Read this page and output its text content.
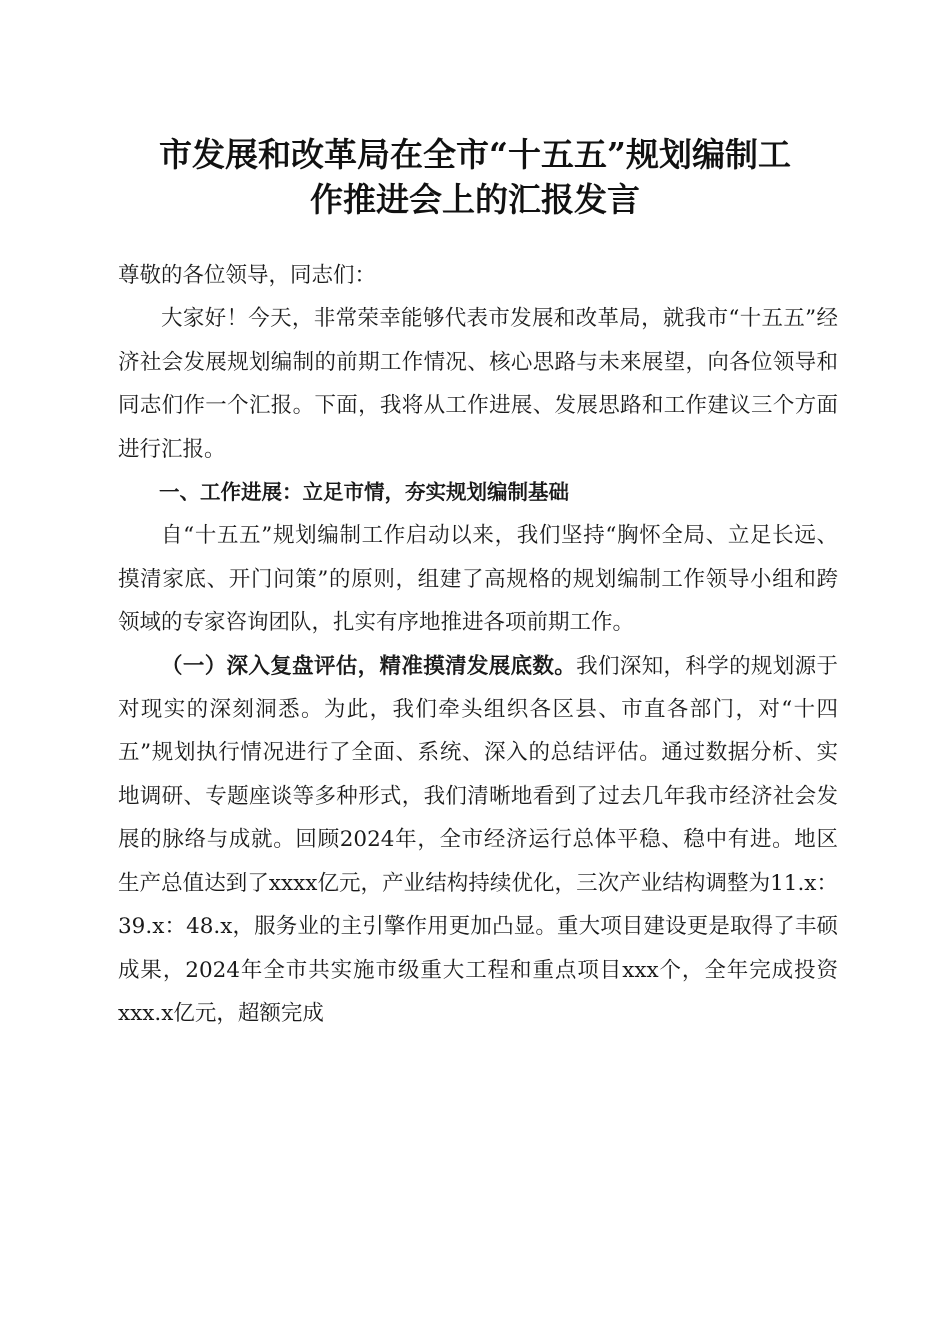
市发展和改革局在全市“十五五”规划编制工
作推进会上的汇报发言

尊敬的各位领导，同志们：

大家好！今天，非常荣幸能够代表市发展和改革局，就我市“十五五”经济社会发展规划编制的前期工作情况、核心思路与未来展望，向各位领导和同志们作一个汇报。下面，我将从工作进展、发展思路和工作建议三个方面进行汇报。

一、工作进展：立足市情，夯实规划编制基础

自“十五五”规划编制工作启动以来，我们坚持“胸怀全局、立足长远、摸清家底、开门问策”的原则，组建了高规格的规划编制工作领导小组和跨领域的专家咨询团队，扎实有序地推进各项前期工作。

（一）深入复盘评估，精准摸清发展底数。我们深知，科学的规划源于对现实的深刻洞悉。为此，我们牵头组织各区县、市直各部门，对“十四五”规划执行情况进行了全面、系统、深入的总结评估。通过数据分析、实地调研、专题座谈等多种形式，我们清晰地看到了过去几年我市经济社会发展的脉络与成就。回顾2024年，全市经济运行总体平稳、稳中有进。地区生产总值达到了xxxx亿元，产业结构持续优化，三次产业结构调整为11.x：39.x：48.x，服务业的主引擎作用更加凸显。重大项目建设更是取得了丰硕成果，2024年全市共实施市级重大工程和重点项目xxx个，全年完成投资xxx.x亿元，超额完成
